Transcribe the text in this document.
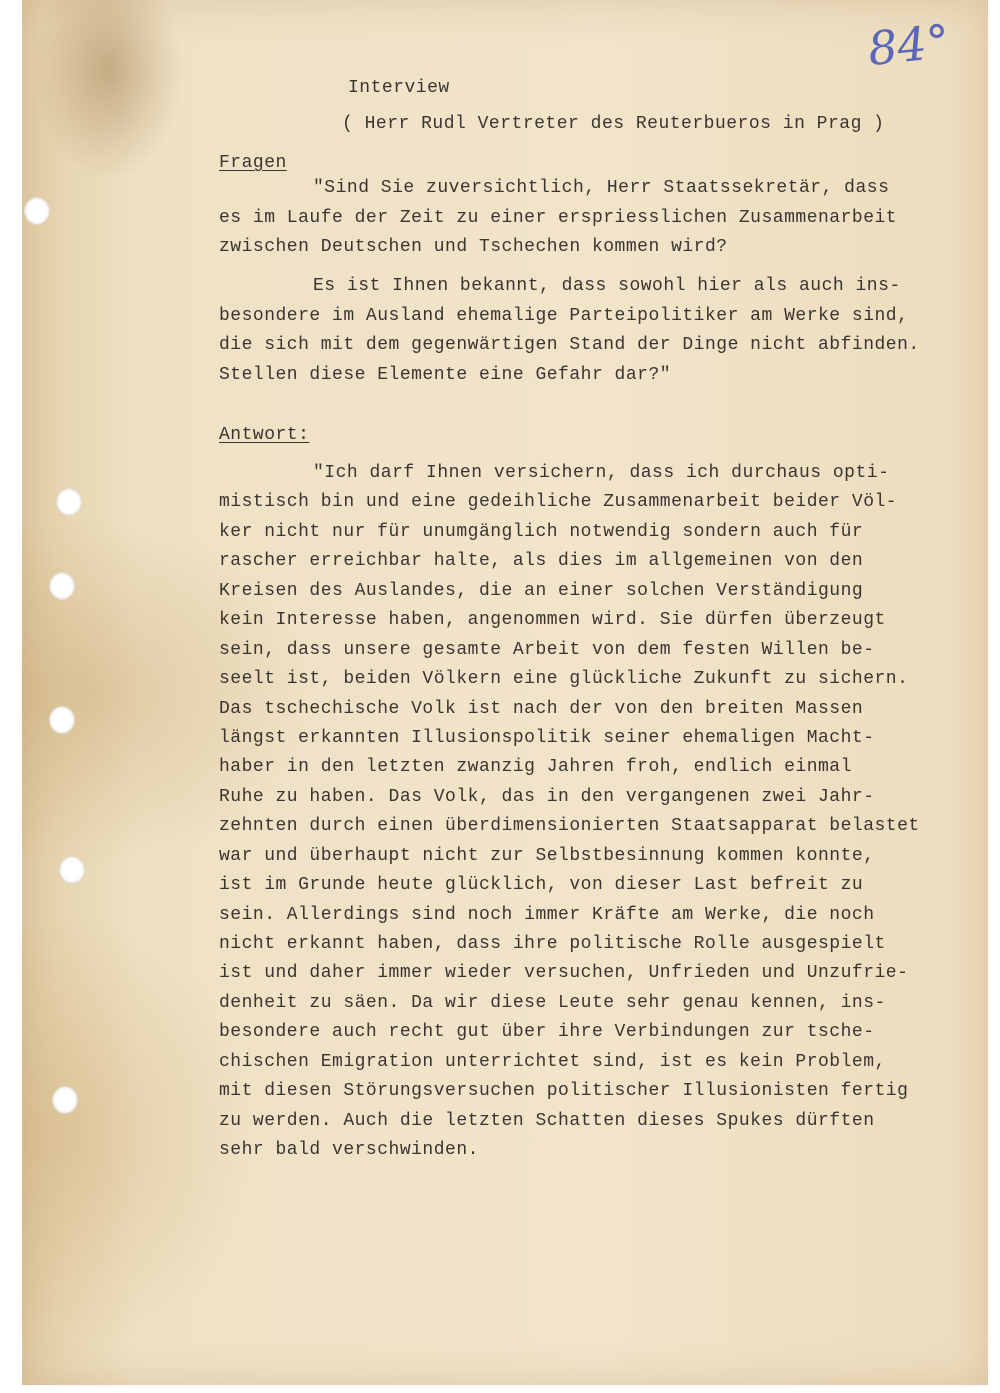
84°
Interview
( Herr Rudl Vertreter des Reuterbueros in Prag )
Fragen
"Sind Sie zuversichtlich, Herr Staatssekretär, dass
es im Laufe der Zeit zu einer erspriesslichen Zusammenarbeit
zwischen Deutschen und Tschechen kommen wird?
Es ist Ihnen bekannt, dass sowohl hier als auch ins-
besondere im Ausland ehemalige Parteipolitiker am Werke sind,
die sich mit dem gegenwärtigen Stand der Dinge nicht abfinden.
Stellen diese Elemente eine Gefahr dar?"
Antwort:
"Ich darf Ihnen versichern, dass ich durchaus opti-
mistisch bin und eine gedeihliche Zusammenarbeit beider Völ-
ker nicht nur für unumgänglich notwendig sondern auch für
rascher erreichbar halte, als dies im allgemeinen von den
Kreisen des Auslandes, die an einer solchen Verständigung
kein Interesse haben, angenommen wird. Sie dürfen überzeugt
sein, dass unsere gesamte Arbeit von dem festen Willen be-
seelt ist, beiden Völkern eine glückliche Zukunft zu sichern.
Das tschechische Volk ist nach der von den breiten Massen
längst erkannten Illusionspolitik seiner ehemaligen Macht-
haber in den letzten zwanzig Jahren froh, endlich einmal
Ruhe zu haben. Das Volk, das in den vergangenen zwei Jahr-
zehnten durch einen überdimensionierten Staatsapparat belastet
war und überhaupt nicht zur Selbstbesinnung kommen konnte,
ist im Grunde heute glücklich, von dieser Last befreit zu
sein. Allerdings sind noch immer Kräfte am Werke, die noch
nicht erkannt haben, dass ihre politische Rolle ausgespielt
ist und daher immer wieder versuchen, Unfrieden und Unzufrie-
denheit zu säen. Da wir diese Leute sehr genau kennen, ins-
besondere auch recht gut über ihre Verbindungen zur tsche-
chischen Emigration unterrichtet sind, ist es kein Problem,
mit diesen Störungsversuchen politischer Illusionisten fertig
zu werden. Auch die letzten Schatten dieses Spukes dürften
sehr bald verschwinden.
